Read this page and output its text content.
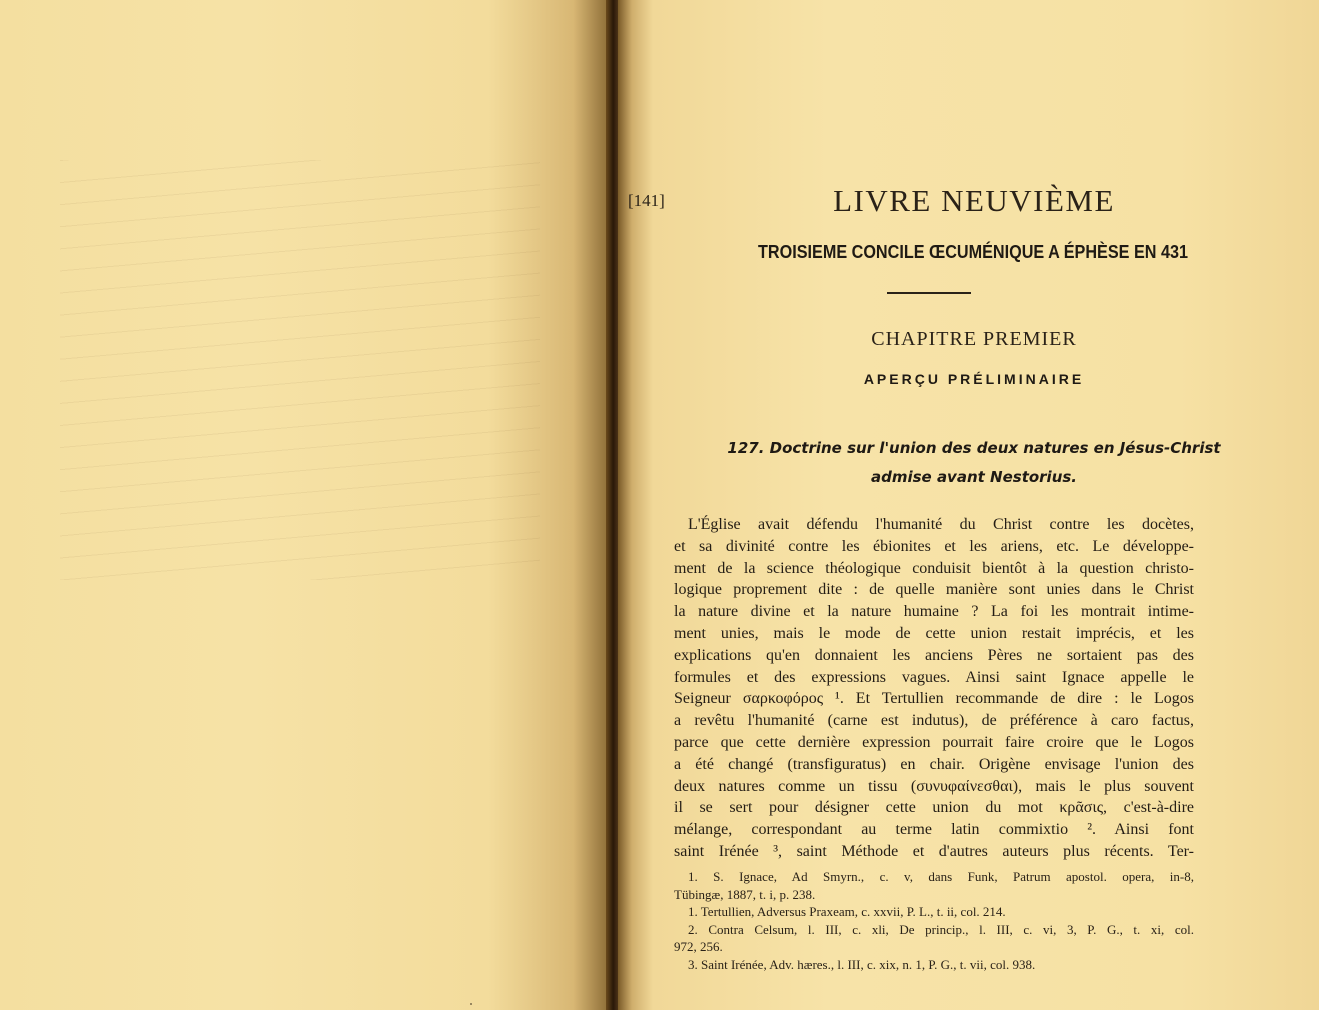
[141]	LIVRE NEUVIÈME
TROISIEME CONCILE ŒCUMÉNIQUE A ÉPHÈSE EN 431
CHAPITRE PREMIER
APERÇU PRÉLIMINAIRE
127. Doctrine sur l'union des deux natures en Jésus-Christ
admise avant Nestorius.
L'Église avait défendu l'humanité du Christ contre les docètes,
et sa divinité contre les ébionites et les ariens, etc. Le développe-
ment de la science théologique conduisit bientôt à la question christo-
logique proprement dite : de quelle manière sont unies dans le Christ
la nature divine et la nature humaine ? La foi les montrait intime-
ment unies, mais le mode de cette union restait imprécis, et les
explications qu'en donnaient les anciens Pères ne sortaient pas des
formules et des expressions vagues. Ainsi saint Ignace appelle le
Seigneur σαρκοφόρος ¹. Et Tertullien recommande de dire : le Logos
a revêtu l'humanité (carne est indutus), de préférence à caro factus,
parce que cette dernière expression pourrait faire croire que le Logos
a été changé (transfiguratus) en chair. Origène envisage l'union des
deux natures comme un tissu (συνυφαίνεσθαι), mais le plus souvent
il se sert pour désigner cette union du mot κρᾶσις, c'est-à-dire
mélange, correspondant au terme latin commixtio ². Ainsi font
saint Irénée ³, saint Méthode et d'autres auteurs plus récents. Ter-
1. S. Ignace, Ad Smyrn., c. v, dans Funk, Patrum apostol. opera, in-8,
Tübingæ, 1887, t. i, p. 238.
1. Tertullien, Adversus Praxeam, c. xxvii, P. L., t. ii, col. 214.
2. Contra Celsum, l. III, c. xli, De princip., l. III, c. vi, 3, P. G., t. xi, col.
972, 256.
3. Saint Irénée, Adv. hæres., l. III, c. xix, n. 1, P. G., t. vii, col. 938.
